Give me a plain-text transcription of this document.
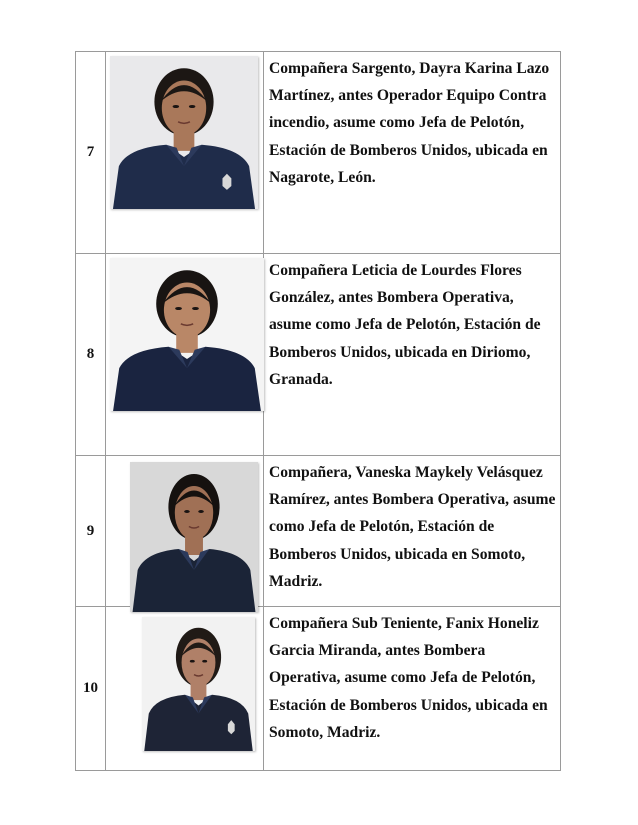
7		Compañera Sargento, Dayra Karina Lazo Martínez, antes Operador Equipo Contra incendio, asume como Jefa de Pelotón, Estación de Bomberos Unidos, ubicada en Nagarote, León.

8		Compañera Leticia de Lourdes Flores González, antes Bombera Operativa, asume como Jefa de Pelotón, Estación de Bomberos Unidos, ubicada en Diriomo, Granada.

9		Compañera, Vaneska Maykely Velásquez Ramírez, antes Bombera Operativa, asume como Jefa de Pelotón, Estación de Bomberos Unidos, ubicada en Somoto, Madriz.

10		Compañera Sub Teniente, Fanix Honeliz Garcia Miranda, antes Bombera Operativa, asume como Jefa de Pelotón, Estación de Bomberos Unidos, ubicada en Somoto, Madriz.
